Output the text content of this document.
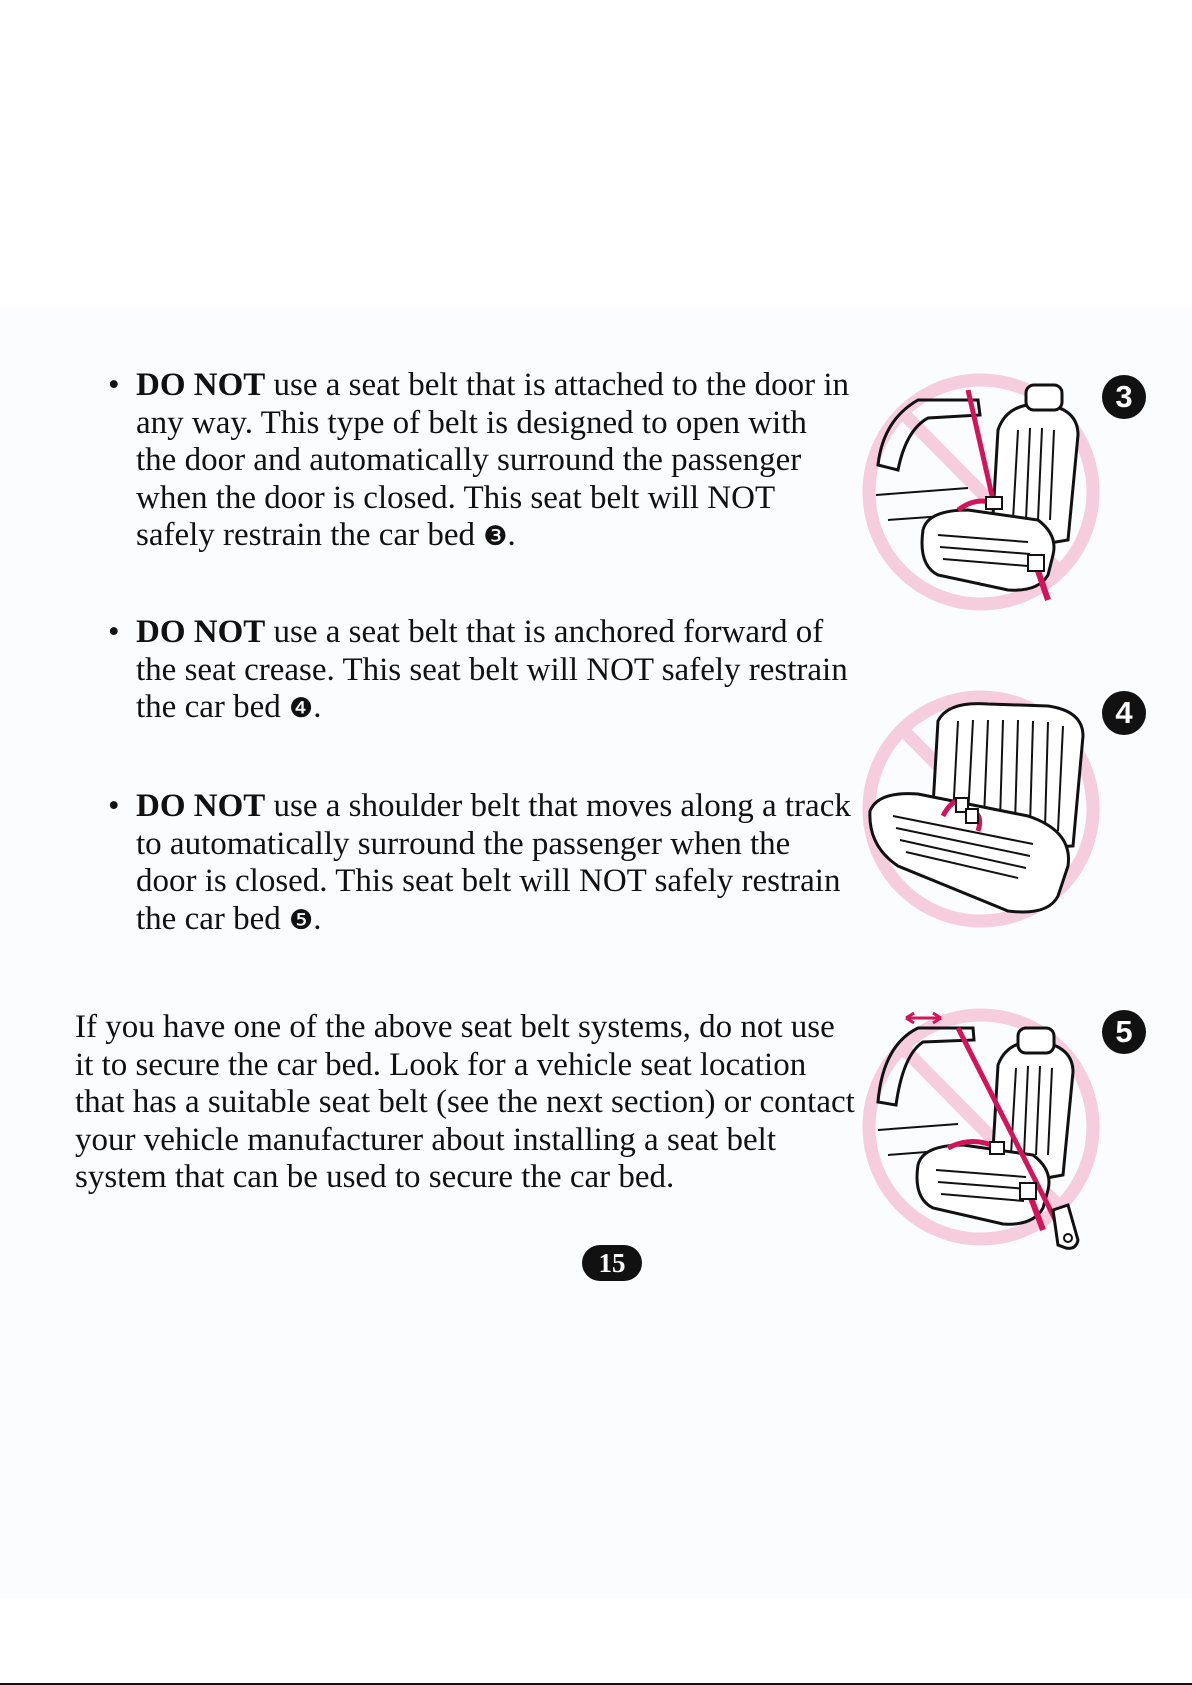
• DO NOT use a seat belt that is attached to the door in any way. This type of belt is designed to open with the door and automatically surround the passenger when the door is closed. This seat belt will NOT safely restrain the car bed ❸.
• DO NOT use a seat belt that is anchored forward of the seat crease. This seat belt will NOT safely restrain the car bed ❹.
• DO NOT use a shoulder belt that moves along a track to automatically surround the passenger when the door is closed. This seat belt will NOT safely restrain the car bed ❺.
If you have one of the above seat belt systems, do not use it to secure the car bed. Look for a vehicle seat location that has a suitable seat belt (see the next section) or contact your vehicle manufacturer about installing a seat belt system that can be used to secure the car bed.
3
4
5
15
